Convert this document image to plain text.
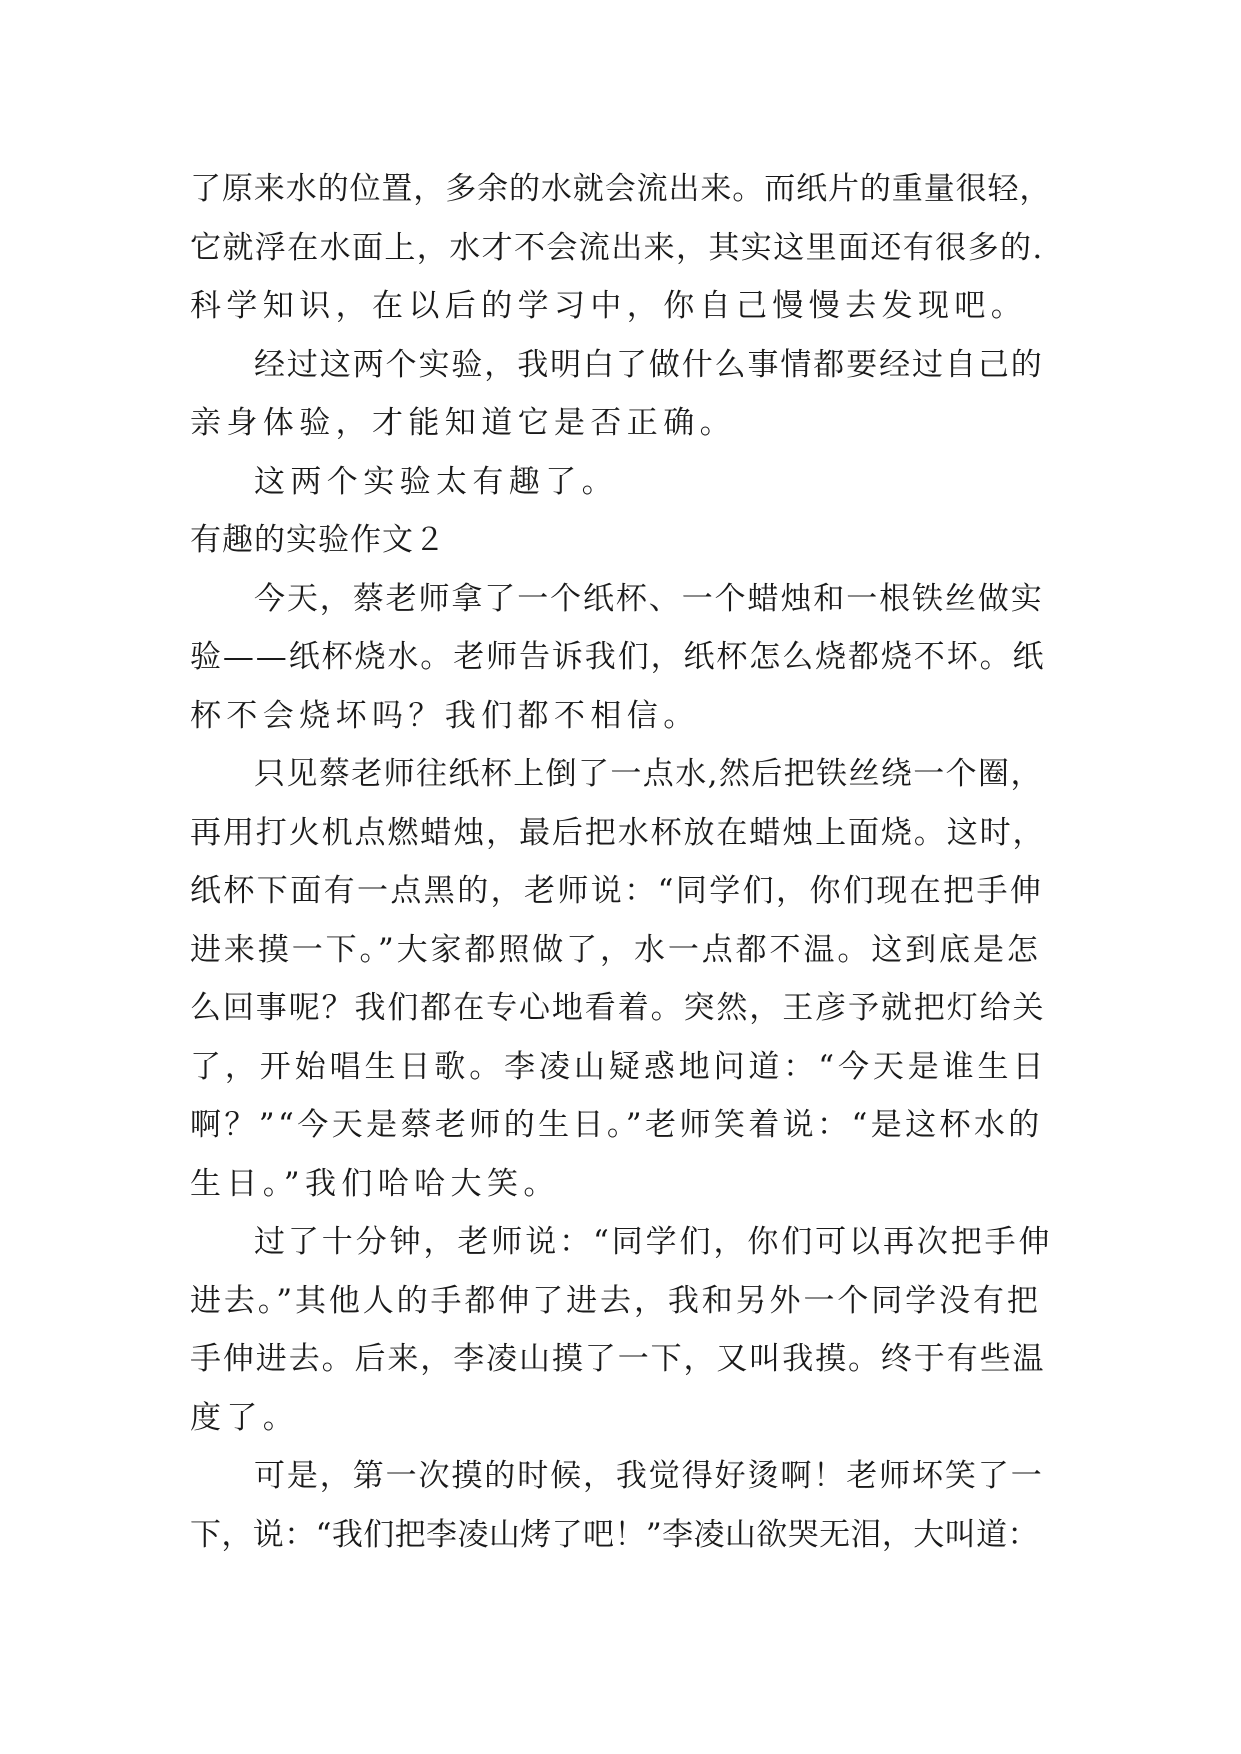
了原来水的位置，多余的水就会流出来。而纸片的重量很轻，
它就浮在水面上，水才不会流出来，其实这里面还有很多的.
科学知识，在以后的学习中，你自己慢慢去发现吧。
经过这两个实验，我明白了做什么事情都要经过自己的
亲身体验，才能知道它是否正确。
这两个实验太有趣了。
有趣的实验作文２
今天，蔡老师拿了一个纸杯、一个蜡烛和一根铁丝做实
验——纸杯烧水。老师告诉我们，纸杯怎么烧都烧不坏。纸
杯不会烧坏吗？我们都不相信。
只见蔡老师往纸杯上倒了一点水,然后把铁丝绕一个圈，
再用打火机点燃蜡烛，最后把水杯放在蜡烛上面烧。这时，
纸杯下面有一点黑的，老师说：“同学们，你们现在把手伸
进来摸一下。”大家都照做了，水一点都不温。这到底是怎
么回事呢？我们都在专心地看着。突然，王彦予就把灯给关
了，开始唱生日歌。李凌山疑惑地问道：“今天是谁生日
啊？”“今天是蔡老师的生日。”老师笑着说：“是这杯水的
生日。”我们哈哈大笑。
过了十分钟，老师说：“同学们，你们可以再次把手伸
进去。”其他人的手都伸了进去，我和另外一个同学没有把
手伸进去。后来，李凌山摸了一下，又叫我摸。终于有些温
度了。
可是，第一次摸的时候，我觉得好烫啊！老师坏笑了一
下，说：“我们把李凌山烤了吧！”李凌山欲哭无泪，大叫道：
